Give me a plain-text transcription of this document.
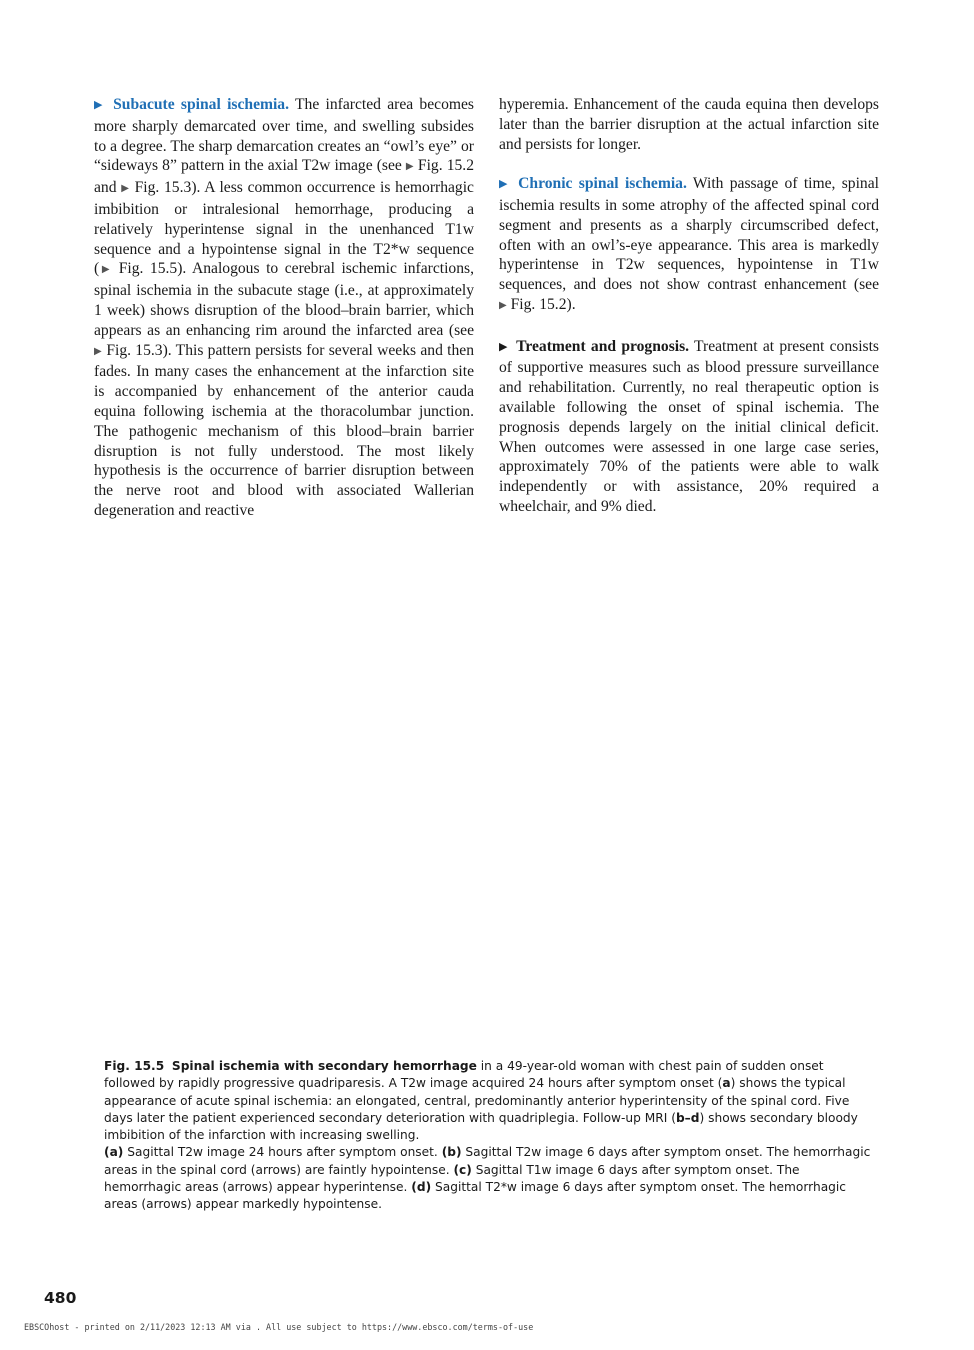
▶ Subacute spinal ischemia. The infarcted area becomes more sharply demarcated over time, and swelling subsides to a degree. The sharp demarcation creates an “owl’s eye” or “sideways 8” pattern in the axial T2w image (see ▶ Fig. 15.2 and ▶ Fig. 15.3). A less common occurrence is hemorrhagic imbibition or intralesional hemorrhage, producing a relatively hyperintense signal in the unenhanced T1w sequence and a hypointense signal in the T2*w sequence (▶ Fig. 15.5). Analogous to cerebral ischemic infarctions, spinal ischemia in the subacute stage (i.e., at approximately 1 week) shows disruption of the blood–brain barrier, which appears as an enhancing rim around the infarcted area (see ▶ Fig. 15.3). This pattern persists for several weeks and then fades. In many cases the enhancement at the infarction site is accompanied by enhancement of the anterior cauda equina following ischemia at the thoracolumbar junction. The pathogenic mechanism of this blood–brain barrier disruption is not fully understood. The most likely hypothesis is the occurrence of barrier disruption between the nerve root and blood with associated Wallerian degeneration and reactive

hyperemia. Enhancement of the cauda equina then develops later than the barrier disruption at the actual infarction site and persists for longer.

▶ Chronic spinal ischemia. With passage of time, spinal ischemia results in some atrophy of the affected spinal cord segment and presents as a sharply circumscribed defect, often with an owl’s-eye appearance. This area is markedly hyperintense in T2w sequences, hypointense in T1w sequences, and does not show contrast enhancement (see ▶ Fig. 15.2).

▶ Treatment and prognosis. Treatment at present consists of supportive measures such as blood pressure surveillance and rehabilitation. Currently, no real therapeutic option is available following the onset of spinal ischemia. The prognosis depends largely on the initial clinical deficit. When outcomes were assessed in one large case series, approximately 70% of the patients were able to walk independently or with assistance, 20% required a wheelchair, and 9% died.

Fig. 15.5 Spinal ischemia with secondary hemorrhage in a 49-year-old woman with chest pain of sudden onset followed by rapidly progressive quadriparesis. A T2w image acquired 24 hours after symptom onset (a) shows the typical appearance of acute spinal ischemia: an elongated, central, predominantly anterior hyperintensity of the spinal cord. Five days later the patient experienced secondary deterioration with quadriplegia. Follow-up MRI (b–d) shows secondary bloody imbibition of the infarction with increasing swelling.

(a) Sagittal T2w image 24 hours after symptom onset. (b) Sagittal T2w image 6 days after symptom onset. The hemorrhagic areas in the spinal cord (arrows) are faintly hypointense. (c) Sagittal T1w image 6 days after symptom onset. The hemorrhagic areas (arrows) appear hyperintense. (d) Sagittal T2*w image 6 days after symptom onset. The hemorrhagic areas (arrows) appear markedly hypointense.

480
EBSCOhost - printed on 2/11/2023 12:13 AM via . All use subject to https://www.ebsco.com/terms-of-use
